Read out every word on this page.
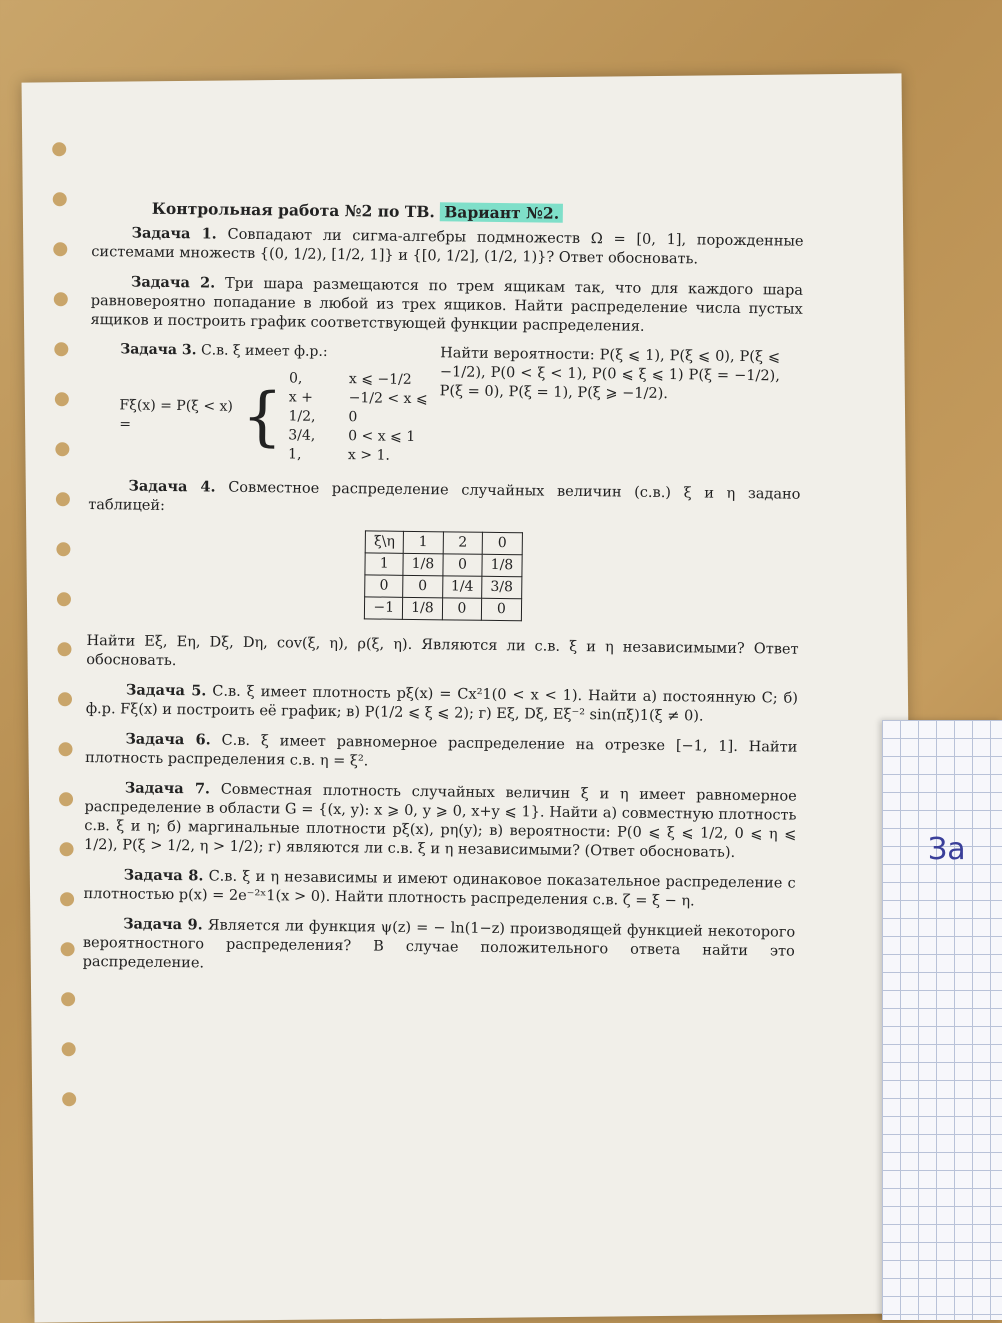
За
Контрольная работа №2 по ТВ. Вариант №2.

Задача 1. Совпадают ли сигма-алгебры подмножеств Ω = [0, 1], порожденные системами множеств {(0, 1/2), [1/2, 1]} и {[0, 1/2], (1/2, 1)}? Ответ обосновать.

Задача 2. Три шара размещаются по трем ящикам так, что для каждого шара равновероятно попадание в любой из трех ящиков. Найти распределение числа пустых ящиков и построить график соответствующей функции распределения.

Задача 3. С.в. ξ имеет ф.р.:
Fξ(x) = P(ξ < x) =	{
0,	x ⩽ −1/2
x + 1/2,	−1/2 < x ⩽ 0
3/4,	0 < x ⩽ 1
1,	x > 1.
Найти вероятности: P(ξ ⩽ 1), P(ξ ⩽ 0), P(ξ ⩽ −1/2), P(0 < ξ < 1), P(0 ⩽ ξ ⩽ 1) P(ξ = −1/2), P(ξ = 0), P(ξ = 1), P(ξ ⩾ −1/2).

Задача 4. Совместное распределение случайных величин (с.в.) ξ и η задано таблицей:

ξ\η	1	2	0
1	1/8	0	1/8
0	0	1/4	3/8
−1	1/8	0	0

Найти Eξ, Eη, Dξ, Dη, cov(ξ, η), ρ(ξ, η). Являются ли с.в. ξ и η независимыми? Ответ обосновать.

Задача 5. С.в. ξ имеет плотность pξ(x) = Cx²1(0 < x < 1). Найти а) постоянную C; б) ф.р. Fξ(x) и построить её график; в) P(1/2 ⩽ ξ ⩽ 2); г) Eξ, Dξ, Eξ⁻² sin(πξ)1(ξ ≠ 0).

Задача 6. С.в. ξ имеет равномерное распределение на отрезке [−1, 1]. Найти плотность распределения с.в. η = ξ².

Задача 7. Совместная плотность случайных величин ξ и η имеет равномерное распределение в области G = {(x, y): x ⩾ 0, y ⩾ 0, x+y ⩽ 1}. Найти а) совместную плотность с.в. ξ и η; б) маргинальные плотности pξ(x), pη(y); в) вероятности: P(0 ⩽ ξ ⩽ 1/2, 0 ⩽ η ⩽ 1/2), P(ξ > 1/2, η > 1/2); г) являются ли с.в. ξ и η независимыми? (Ответ обосновать).

Задача 8. С.в. ξ и η независимы и имеют одинаковое показательное распределение с плотностью p(x) = 2e⁻²ˣ1(x > 0). Найти плотность распределения с.в. ζ = ξ − η.

Задача 9. Является ли функция ψ(z) = − ln(1−z) производящей функцией некоторого вероятностного распределения? В случае положительного ответа найти это распределение.
